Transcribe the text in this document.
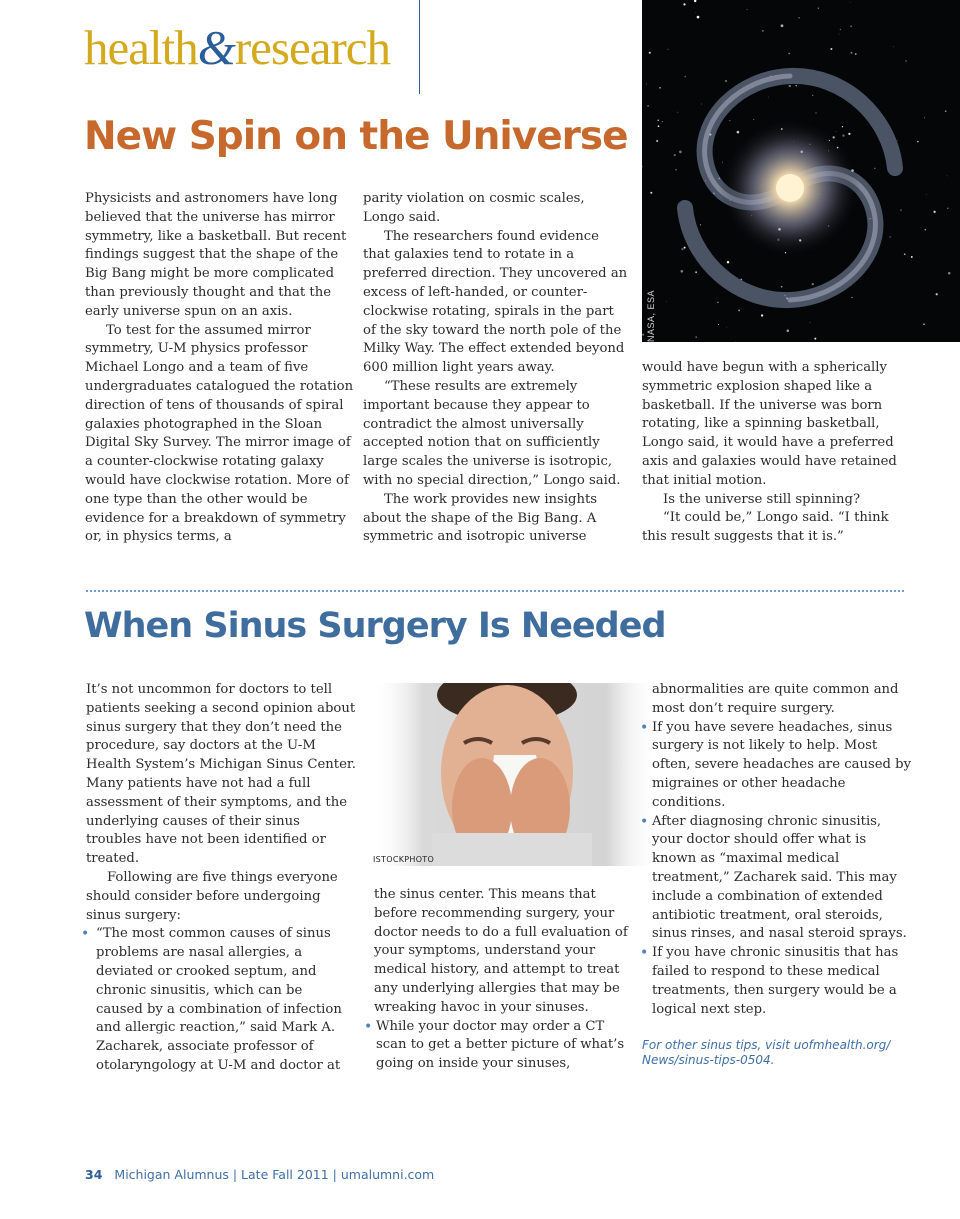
health&research
NASA, ESA
New Spin on the Universe

Physicists and astronomers have long believed that the universe has mirror symmetry, like a basketball. But recent findings suggest that the shape of the Big Bang might be more complicated than previously thought and that the early universe spun on an axis.

To test for the assumed mirror symmetry, U-M physics professor Michael Longo and a team of five undergraduates catalogued the rotation direction of tens of thousands of spiral galaxies photographed in the Sloan Digital Sky Survey. The mirror image of a counter-clockwise rotating galaxy would have clockwise rotation. More of one type than the other would be evidence for a breakdown of symmetry or, in physics terms, a

parity violation on cosmic scales, Longo said.

The researchers found evidence that galaxies tend to rotate in a preferred direction. They uncovered an excess of left-handed, or counter-clockwise rotating, spirals in the part of the sky toward the north pole of the Milky Way. The effect extended beyond 600 million light years away.

“These results are extremely important because they appear to contradict the almost universally accepted notion that on sufficiently large scales the universe is isotropic, with no special direction,” Longo said.

The work provides new insights about the shape of the Big Bang. A symmetric and isotropic universe

would have begun with a spherically symmetric explosion shaped like a basketball. If the universe was born rotating, like a spinning basketball, Longo said, it would have a preferred axis and galaxies would have retained that initial motion.

Is the universe still spinning?

“It could be,” Longo said. “I think this result suggests that it is.”

When Sinus Surgery Is Needed
ISTOCKPHOTO

It’s not uncommon for doctors to tell patients seeking a second opinion about sinus surgery that they don’t need the procedure, say doctors at the U-M Health System’s Michigan Sinus Center. Many patients have not had a full assessment of their symptoms, and the underlying causes of their sinus troubles have not been identified or treated.

Following are five things everyone should consider before undergoing sinus surgery:

• “The most common causes of sinus problems are nasal allergies, a deviated or crooked septum, and chronic sinusitis, which can be caused by a combination of infection and allergic reaction,” said Mark A. Zacharek, associate professor of otolaryngology at U-M and doctor at

the sinus center. This means that before recommending surgery, your doctor needs to do a full evaluation of your symptoms, understand your medical history, and attempt to treat any underlying allergies that may be wreaking havoc in your sinuses.

• While your doctor may order a CT scan to get a better picture of what’s going on inside your sinuses,

abnormalities are quite common and most don’t require surgery.

• If you have severe headaches, sinus surgery is not likely to help. Most often, severe headaches are caused by migraines or other headache conditions.
• After diagnosing chronic sinusitis, your doctor should offer what is known as “maximal medical treatment,” Zacharek said. This may include a combination of extended antibiotic treatment, oral steroids, sinus rinses, and nasal steroid sprays.
• If you have chronic sinusitis that has failed to respond to these medical treatments, then surgery would be a logical next step.
For other sinus tips, visit uofmhealth.org/
News/sinus-tips-0504.
34 Michigan Alumnus | Late Fall 2011 | umalumni.com
